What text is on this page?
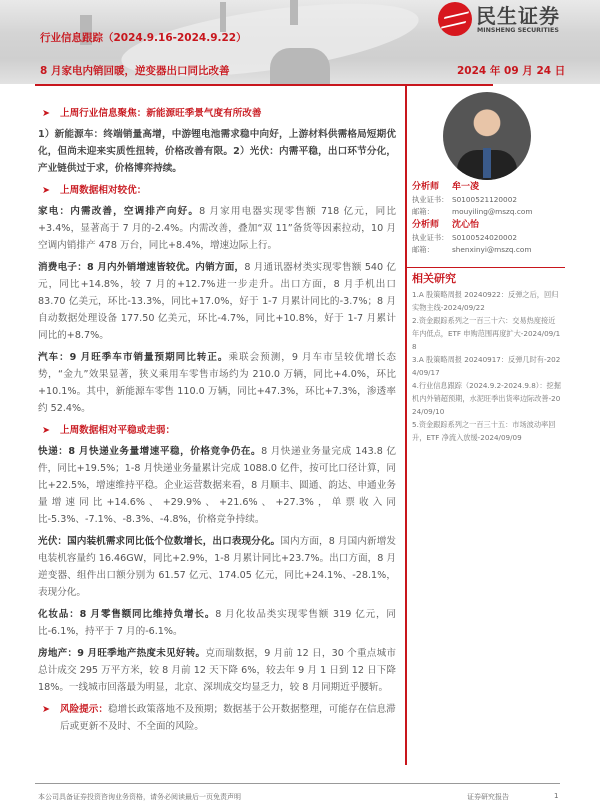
行业信息跟踪（2024.9.16-2024.9.22）
8 月家电内销回暖，逆变器出口同比改善	2024 年 09 月 24 日
民生证券
MINSHENG SECURITIES
➤	上周行业信息聚焦：新能源旺季景气度有所改善
1）新能源车：终端销量高增，中游锂电池需求稳中向好，上游材料供需格局短期优化，但尚未迎来实质性扭转，价格改善有限。2）光伏：内需平稳，出口环节分化，产业链供过于求，价格博弈持续。
➤	上周数据相对较优：
家电：内需改善，空调排产向好。8 月家用电器实现零售额 718 亿元，同比+3.4%，显著高于 7 月的-2.4%。内需改善，叠加“双 11”备货等因素拉动，10 月空调内销排产 478 万台，同比+8.4%，增速边际上行。
消费电子：8 月内外销增速皆较优。内销方面，8 月通讯器材类实现零售额 540 亿元，同比+14.8%，较 7 月的+12.7%进一步走升。出口方面，8 月手机出口 83.70 亿美元，环比-13.3%，同比+17.0%，好于 1-7 月累计同比的-3.7%；8 月自动数据处理设备 177.50 亿美元，环比-4.7%，同比+10.8%，好于 1-7 月累计同比的+8.7%。
汽车：9 月旺季车市销量预期同比转正。乘联会预测，9 月车市呈较优增长态势，“金九”效果显著，狭义乘用车零售市场约为 210.0 万辆，同比+4.0%，环比+10.1%。其中，新能源车零售 110.0 万辆，同比+47.3%，环比+7.3%，渗透率约 52.4%。
➤	上周数据相对平稳或走弱：
快递：8 月快递业务量增速平稳，价格竞争仍在。8 月快递业务量完成 143.8 亿件，同比+19.5%；1-8 月快递业务量累计完成 1088.0 亿件，按可比口径计算，同比+22.5%，增速维持平稳。企业运营数据来看，8 月顺丰、圆通、韵达、申通业务量增速同比+14.6%、+29.9%、+21.6%、+27.3%，单票收入同比-5.3%、-7.1%、-8.3%、-4.8%，价格竞争持续。
光伏：国内装机需求同比低个位数增长，出口表现分化。国内方面，8 月国内新增发电装机容量约 16.46GW，同比+2.9%，1-8 月累计同比+23.7%。出口方面，8 月逆变器、组件出口额分别为 61.57 亿元、174.05 亿元，同比+24.1%、-28.1%，表现分化。
化妆品：8 月零售额同比维持负增长。8 月化妆品类实现零售额 319 亿元，同比-6.1%，持平于 7 月的-6.1%。
房地产：9 月旺季地产热度未见好转。克而瑞数据，9 月前 12 日，30 个重点城市总计成交 295 万平方米，较 8 月前 12 天下降 6%，较去年 9 月 1 日到 12 日下降 18%。一线城市回落最为明显，北京、深圳成交均显乏力，较 8 月同期近乎腰斩。
➤	风险提示：稳增长政策落地不及预期；数据基于公开数据整理，可能存在信息滞后或更新不及时、不全面的风险。
分析师 牟一凌
执业证书： S0100521120002
邮箱： mouyiling@mszq.com
分析师 沈心怡
执业证书： S0100524020002
邮箱： shenxinyi@mszq.com
相关研究
1.A 股策略周报 20240922：反弹之后，回归实物主线-2024/09/22
2.资金跟踪系列之一百三十六：交易热度接近年内低点，ETF 申购范围再度扩大-2024/09/18
3.A 股策略周报 20240917：反弹几时有-2024/09/17
4.行业信息跟踪（2024.9.2-2024.9.8）：挖掘机内外销超预期，水泥旺季出货率边际改善-2024/09/10
5.资金跟踪系列之一百三十五：市场波动率回升，ETF 净流入放缓-2024/09/09
本公司具备证券投资咨询业务资格，请务必阅读最后一页免责声明	证券研究报告	1
